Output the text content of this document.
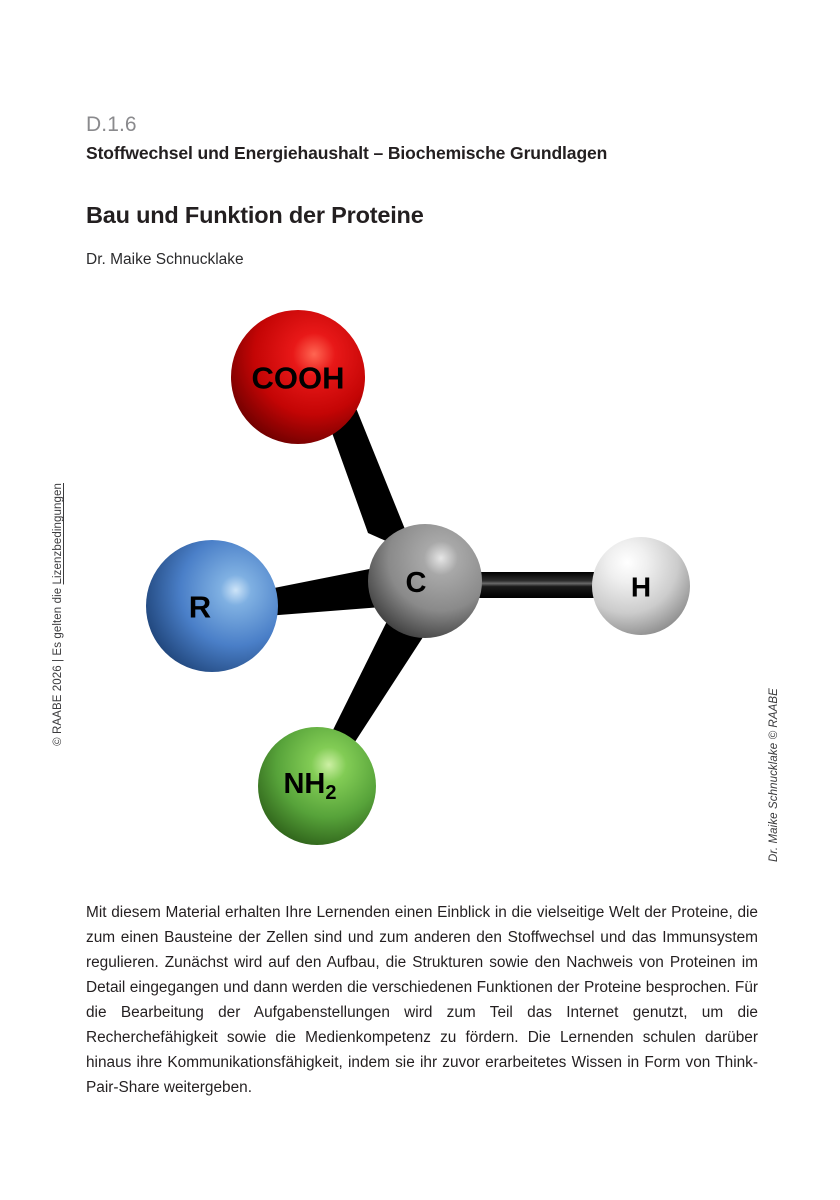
D.1.6
Stoffwechsel und Energiehaushalt – Biochemische Grundlagen
Bau und Funktion der Proteine
Dr. Maike Schnucklake
© RAABE 2026 | Es gelten die Lizenzbedingungen
Dr. Maike Schnucklake © RAABE
COOH
R
C	H
$NH_2$

Mit diesem Material erhalten Ihre Lernenden einen Einblick in die vielseitige Welt der Proteine, die zum einen Bausteine der Zellen sind und zum anderen den Stoffwechsel und das Immunsystem regulieren. Zunächst wird auf den Aufbau, die Strukturen sowie den Nachweis von Proteinen im Detail eingegangen und dann werden die verschiedenen Funktionen der Proteine besprochen. Für die Bearbeitung der Aufgabenstellungen wird zum Teil das Internet genutzt, um die Recherchefähigkeit sowie die Medienkompetenz zu fördern. Die Lernenden schulen darüber hinaus ihre Kommunikationsfähigkeit, indem sie ihr zuvor erarbeitetes Wissen in Form von Think-Pair-Share weitergeben.
